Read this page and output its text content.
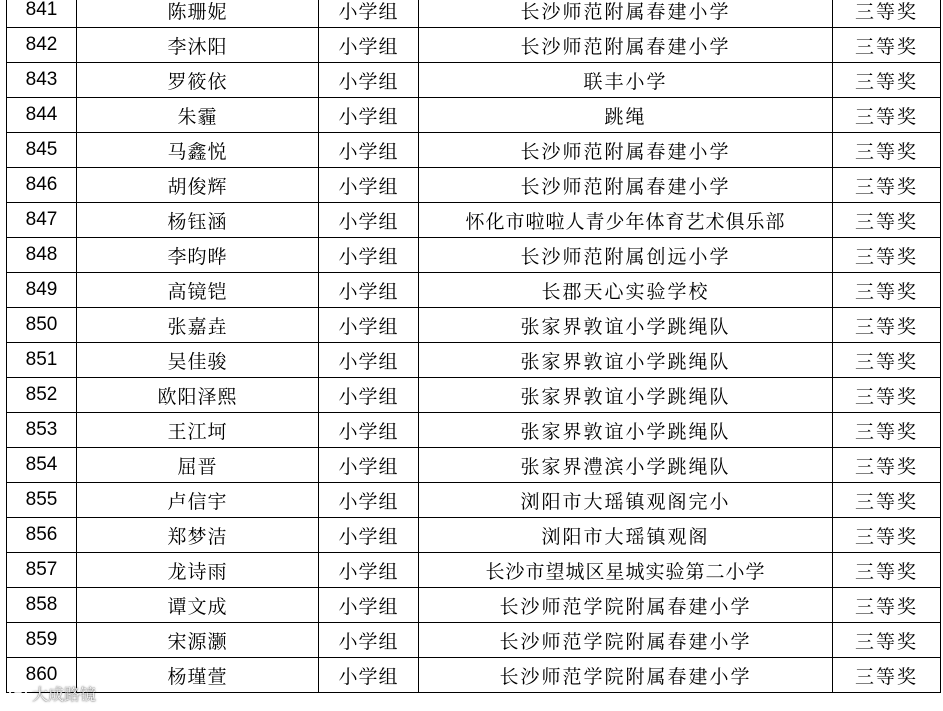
841	陈珊妮	小学组	长沙师范附属春建小学	三等奖
842	李沐阳	小学组	长沙师范附属春建小学	三等奖
843	罗筱依	小学组	联丰小学	三等奖
844	朱霾	小学组	跳绳	三等奖
845	马鑫悦	小学组	长沙师范附属春建小学	三等奖
846	胡俊辉	小学组	长沙师范附属春建小学	三等奖
847	杨钰涵	小学组	怀化市啦啦人青少年体育艺术俱乐部	三等奖
848	李昀晔	小学组	长沙师范附属创远小学	三等奖
849	高镜铠	小学组	长郡天心实验学校	三等奖
850	张嘉垚	小学组	张家界敦谊小学跳绳队	三等奖
851	吴佳骏	小学组	张家界敦谊小学跳绳队	三等奖
852	欧阳泽熙	小学组	张家界敦谊小学跳绳队	三等奖
853	王江坷	小学组	张家界敦谊小学跳绳队	三等奖
854	屈晋	小学组	张家界澧滨小学跳绳队	三等奖
855	卢信宇	小学组	浏阳市大瑶镇观阁完小	三等奖
856	郑梦洁	小学组	浏阳市大瑶镇观阁	三等奖
857	龙诗雨	小学组	长沙市望城区星城实验第二小学	三等奖
858	谭文成	小学组	长沙师范学院附属春建小学	三等奖
859	宋源灏	小学组	长沙师范学院附属春建小学	三等奖
860	杨瑾萱	小学组	长沙师范学院附属春建小学	三等奖
大成路镜
